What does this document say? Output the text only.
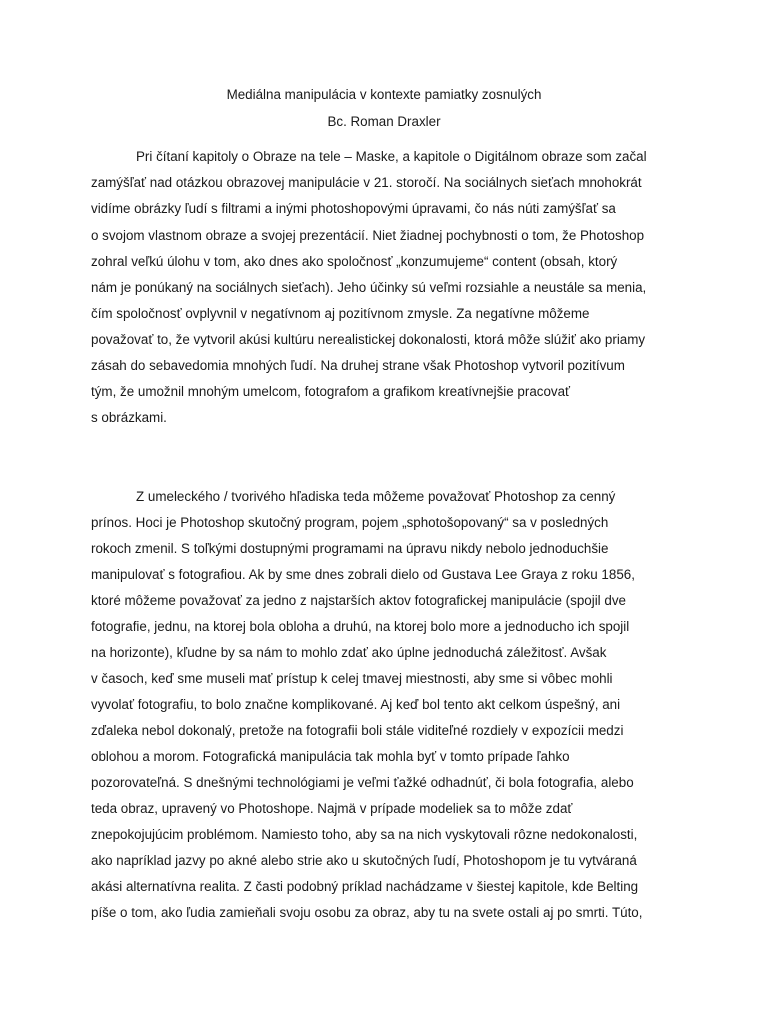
Mediálna manipulácia v kontexte pamiatky zosnulých
Bc. Roman Draxler
Pri čítaní kapitoly o Obraze na tele – Maske, a kapitole o Digitálnom obraze som začal
zamýšľať nad otázkou obrazovej manipulácie v 21. storočí. Na sociálnych sieťach mnohokrát
vidíme obrázky ľudí s filtrami a inými photoshopovými úpravami, čo nás núti zamýšľať sa
o svojom vlastnom obraze a svojej prezentácií. Niet žiadnej pochybnosti o tom, že Photoshop
zohral veľkú úlohu v tom, ako dnes ako spoločnosť „konzumujeme“ content (obsah, ktorý
nám je ponúkaný na sociálnych sieťach). Jeho účinky sú veľmi rozsiahle a neustále sa menia,
čím spoločnosť ovplyvnil v negatívnom aj pozitívnom zmysle. Za negatívne môžeme
považovať to, že vytvoril akúsi kultúru nerealistickej dokonalosti, ktorá môže slúžiť ako priamy
zásah do sebavedomia mnohých ľudí. Na druhej strane však Photoshop vytvoril pozitívum
tým, že umožnil mnohým umelcom, fotografom a grafikom kreatívnejšie pracovať
s obrázkami.
Z umeleckého / tvorivého hľadiska teda môžeme považovať Photoshop za cenný
prínos. Hoci je Photoshop skutočný program, pojem „sphotošopovaný“ sa v posledných
rokoch zmenil. S toľkými dostupnými programami na úpravu nikdy nebolo jednoduchšie
manipulovať s fotografiou. Ak by sme dnes zobrali dielo od Gustava Lee Graya z roku 1856,
ktoré môžeme považovať za jedno z najstarších aktov fotografickej manipulácie (spojil dve
fotografie, jednu, na ktorej bola obloha a druhú, na ktorej bolo more a jednoducho ich spojil
na horizonte), kľudne by sa nám to mohlo zdať ako úplne jednoduchá záležitosť. Avšak
v časoch, keď sme museli mať prístup k celej tmavej miestnosti, aby sme si vôbec mohli
vyvolať fotografiu, to bolo značne komplikované. Aj keď bol tento akt celkom úspešný, ani
zďaleka nebol dokonalý, pretože na fotografii boli stále viditeľné rozdiely v expozícii medzi
oblohou a morom. Fotografická manipulácia tak mohla byť v tomto prípade ľahko
pozorovateľná. S dnešnými technológiami je veľmi ťažké odhadnúť, či bola fotografia, alebo
teda obraz, upravený vo Photoshope. Najmä v prípade modeliek sa to môže zdať
znepokojujúcim problémom. Namiesto toho, aby sa na nich vyskytovali rôzne nedokonalosti,
ako napríklad jazvy po akné alebo strie ako u skutočných ľudí, Photoshopom je tu vytváraná
akási alternatívna realita. Z časti podobný príklad nachádzame v šiestej kapitole, kde Belting
píše o tom, ako ľudia zamieňali svoju osobu za obraz, aby tu na svete ostali aj po smrti. Túto,
